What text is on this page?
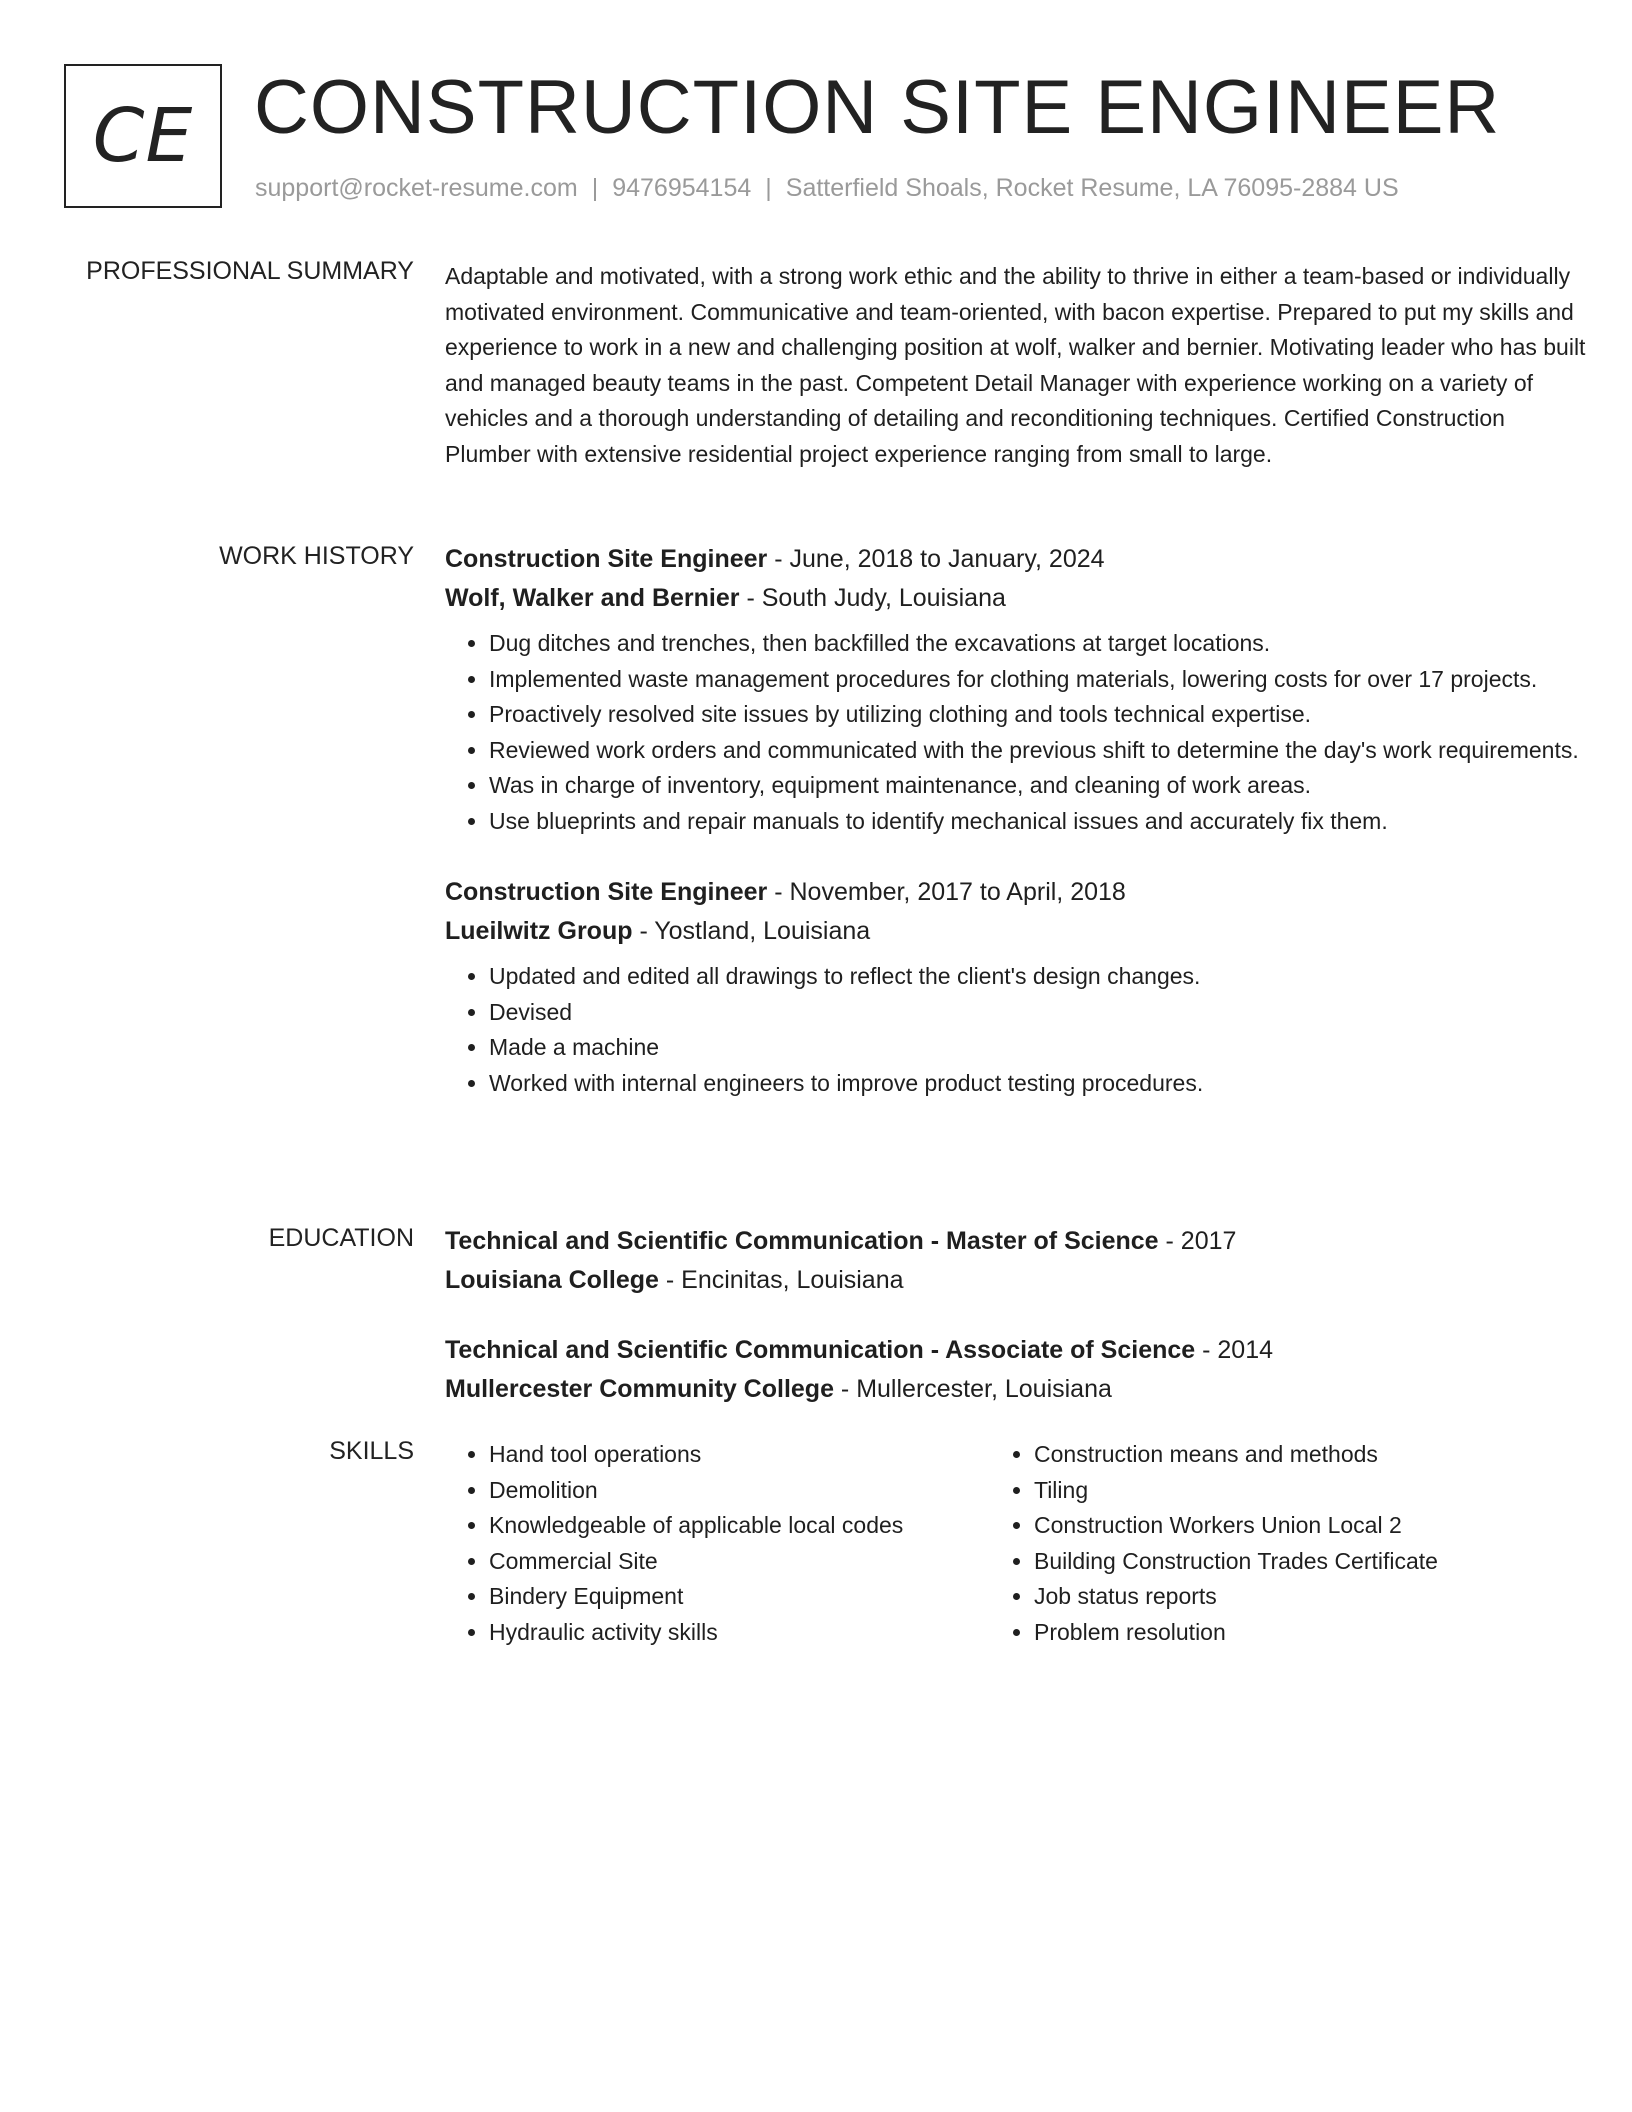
CE CONSTRUCTION SITE ENGINEER
support@rocket-resume.com | 9476954154 | Satterfield Shoals, Rocket Resume, LA 76095-2884 US
PROFESSIONAL SUMMARY Adaptable and motivated, with a strong work ethic and the ability to thrive in either a team-based or individually motivated environment. Communicative and team-oriented, with bacon expertise. Prepared to put my skills and experience to work in a new and challenging position at wolf, walker and bernier. Motivating leader who has built and managed beauty teams in the past. Competent Detail Manager with experience working on a variety of vehicles and a thorough understanding of detailing and reconditioning techniques. Certified Construction Plumber with extensive residential project experience ranging from small to large.
WORK HISTORY Construction Site Engineer - June, 2018 to January, 2024
Wolf, Walker and Bernier - South Judy, Louisiana
• Dug ditches and trenches, then backfilled the excavations at target locations.
• Implemented waste management procedures for clothing materials, lowering costs for over 17 projects.
• Proactively resolved site issues by utilizing clothing and tools technical expertise.
• Reviewed work orders and communicated with the previous shift to determine the day's work requirements.
• Was in charge of inventory, equipment maintenance, and cleaning of work areas.
• Use blueprints and repair manuals to identify mechanical issues and accurately fix them.
Construction Site Engineer - November, 2017 to April, 2018
Lueilwitz Group - Yostland, Louisiana
• Updated and edited all drawings to reflect the client's design changes.
• Devised
• Made a machine
• Worked with internal engineers to improve product testing procedures.
EDUCATION Technical and Scientific Communication - Master of Science - 2017
Louisiana College - Encinitas, Louisiana
Technical and Scientific Communication - Associate of Science - 2014
Mullercester Community College - Mullercester, Louisiana
SKILLS
•	Hand tool operations
• Demolition
• Knowledgeable of applicable local codes
• Commercial Site
• Bindery Equipment
• Hydraulic activity skills
• Construction means and methods
• Tiling
• Construction Workers Union Local 2
• Building Construction Trades Certificate
• Job status reports
• Problem resolution
